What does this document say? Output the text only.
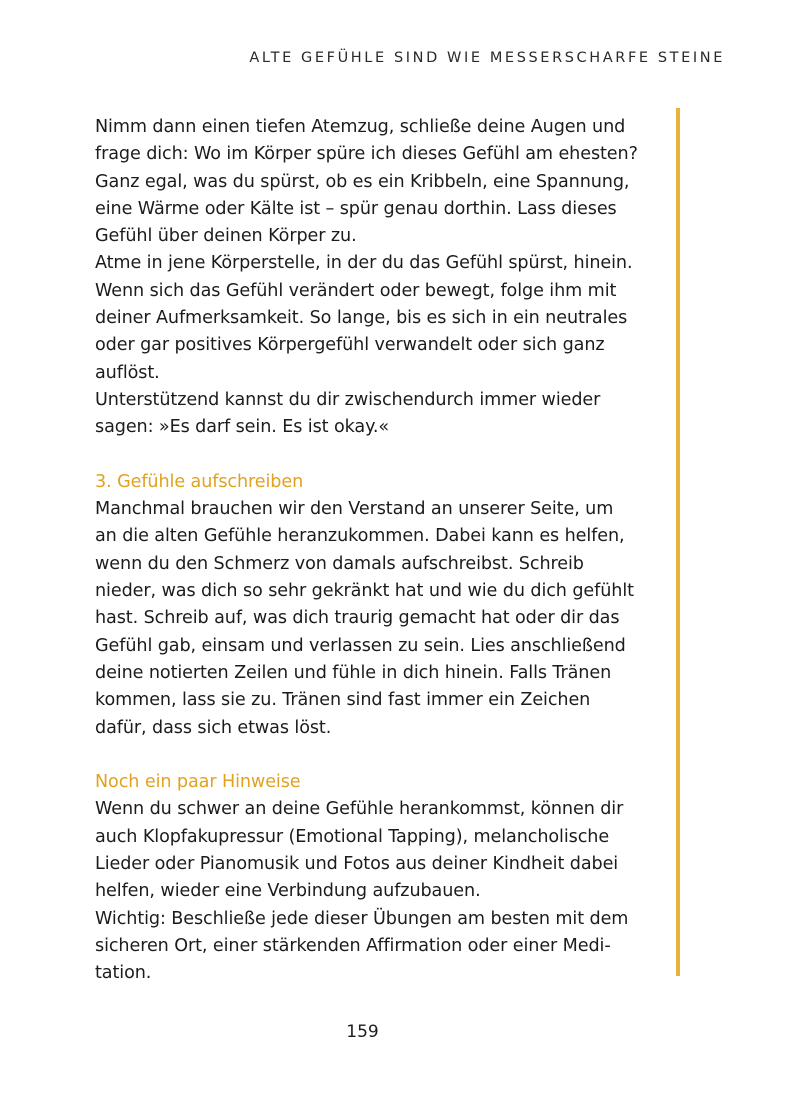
ALTE GEFÜHLE SIND WIE MESSERSCHARFE STEINE

Nimm dann einen tiefen Atemzug, schließe deine Augen und frage dich: Wo im Körper spüre ich dieses Gefühl am ehesten? Ganz egal, was du spürst, ob es ein Kribbeln, eine Spannung, eine Wärme oder Kälte ist – spür genau dorthin. Lass dieses Gefühl über deinen Körper zu.

Atme in jene Körperstelle, in der du das Gefühl spürst, hinein. Wenn sich das Gefühl verändert oder bewegt, folge ihm mit deiner Aufmerksamkeit. So lange, bis es sich in ein neutrales oder gar positives Körpergefühl verwandelt oder sich ganz auflöst.

Unterstützend kannst du dir zwischendurch immer wieder sagen: »Es darf sein. Es ist okay.«

3. Gefühle aufschreiben

Manchmal brauchen wir den Verstand an unserer Seite, um an die alten Gefühle heranzukommen. Dabei kann es helfen, wenn du den Schmerz von damals aufschreibst. Schreib nieder, was dich so sehr gekränkt hat und wie du dich gefühlt hast. Schreib auf, was dich traurig gemacht hat oder dir das Gefühl gab, einsam und verlassen zu sein. Lies anschließend deine notierten Zeilen und fühle in dich hinein. Falls Tränen kommen, lass sie zu. Tränen sind fast immer ein Zeichen dafür, dass sich etwas löst.

Noch ein paar Hinweise

Wenn du schwer an deine Gefühle herankommst, können dir auch Klopfakupressur (Emotional Tapping), melancholische Lieder oder Pianomusik und Fotos aus deiner Kindheit dabei helfen, wieder eine Verbindung aufzubauen.

Wichtig: Beschließe jede dieser Übungen am besten mit dem sicheren Ort, einer stärkenden Affirmation oder einer Meditation.

159
